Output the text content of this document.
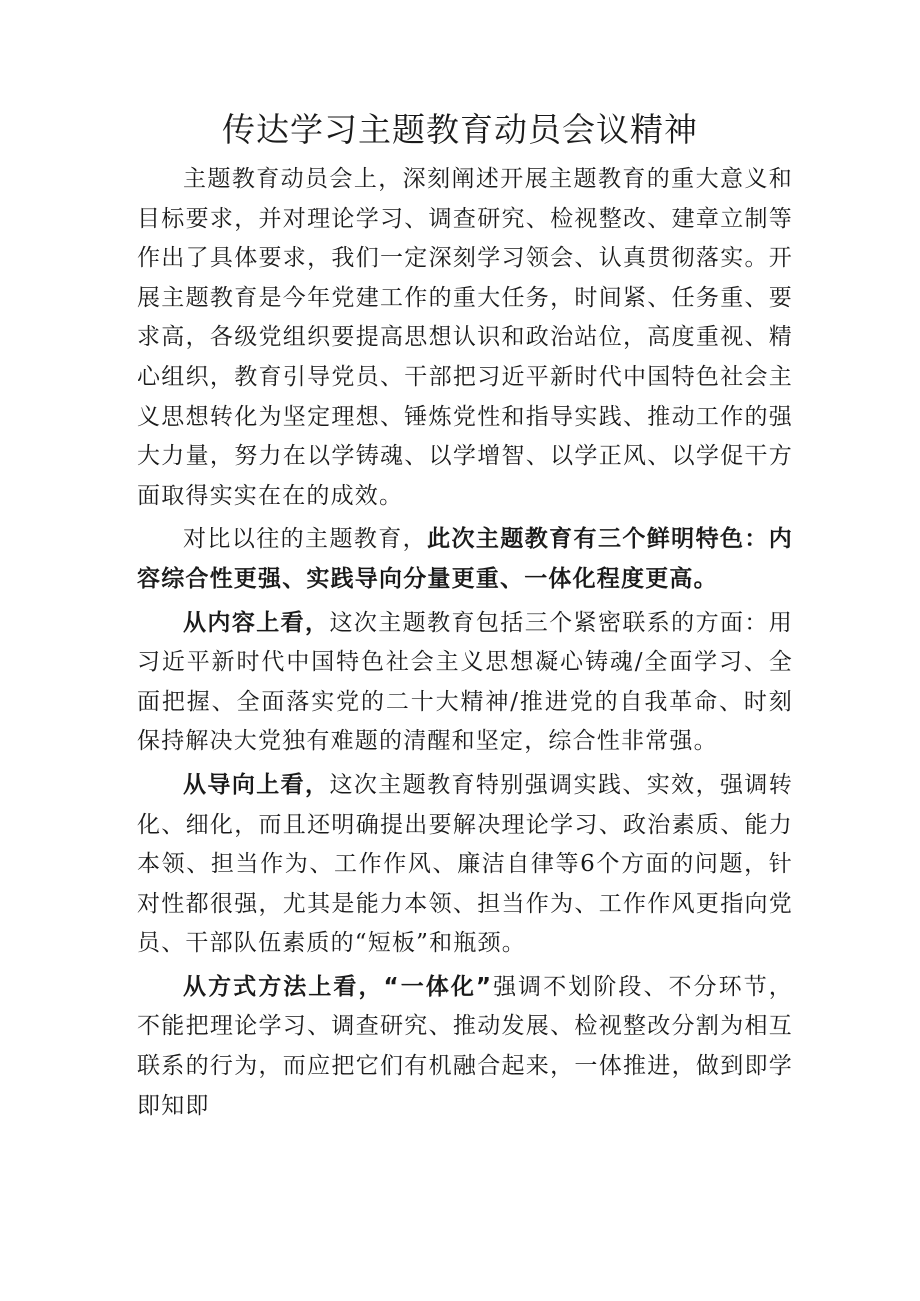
传达学习主题教育动员会议精神

主题教育动员会上，深刻阐述开展主题教育的重大意义和目标要求，并对理论学习、调查研究、检视整改、建章立制等作出了具体要求，我们一定深刻学习领会、认真贯彻落实。开展主题教育是今年党建工作的重大任务，时间紧、任务重、要求高，各级党组织要提高思想认识和政治站位，高度重视、精心组织，教育引导党员、干部把习近平新时代中国特色社会主义思想转化为坚定理想、锤炼党性和指导实践、推动工作的强大力量，努力在以学铸魂、以学增智、以学正风、以学促干方面取得实实在在的成效。

对比以往的主题教育，此次主题教育有三个鲜明特色：内容综合性更强、实践导向分量更重、一体化程度更高。

从内容上看，这次主题教育包括三个紧密联系的方面：用习近平新时代中国特色社会主义思想凝心铸魂/全面学习、全面把握、全面落实党的二十大精神/推进党的自我革命、时刻保持解决大党独有难题的清醒和坚定，综合性非常强。

从导向上看，这次主题教育特别强调实践、实效，强调转化、细化，而且还明确提出要解决理论学习、政治素质、能力本领、担当作为、工作作风、廉洁自律等6个方面的问题，针对性都很强，尤其是能力本领、担当作为、工作作风更指向党员、干部队伍素质的“短板”和瓶颈。

从方式方法上看，“一体化”强调不划阶段、不分环节，不能把理论学习、调查研究、推动发展、检视整改分割为相互联系的行为，而应把它们有机融合起来，一体推进，做到即学即知即
